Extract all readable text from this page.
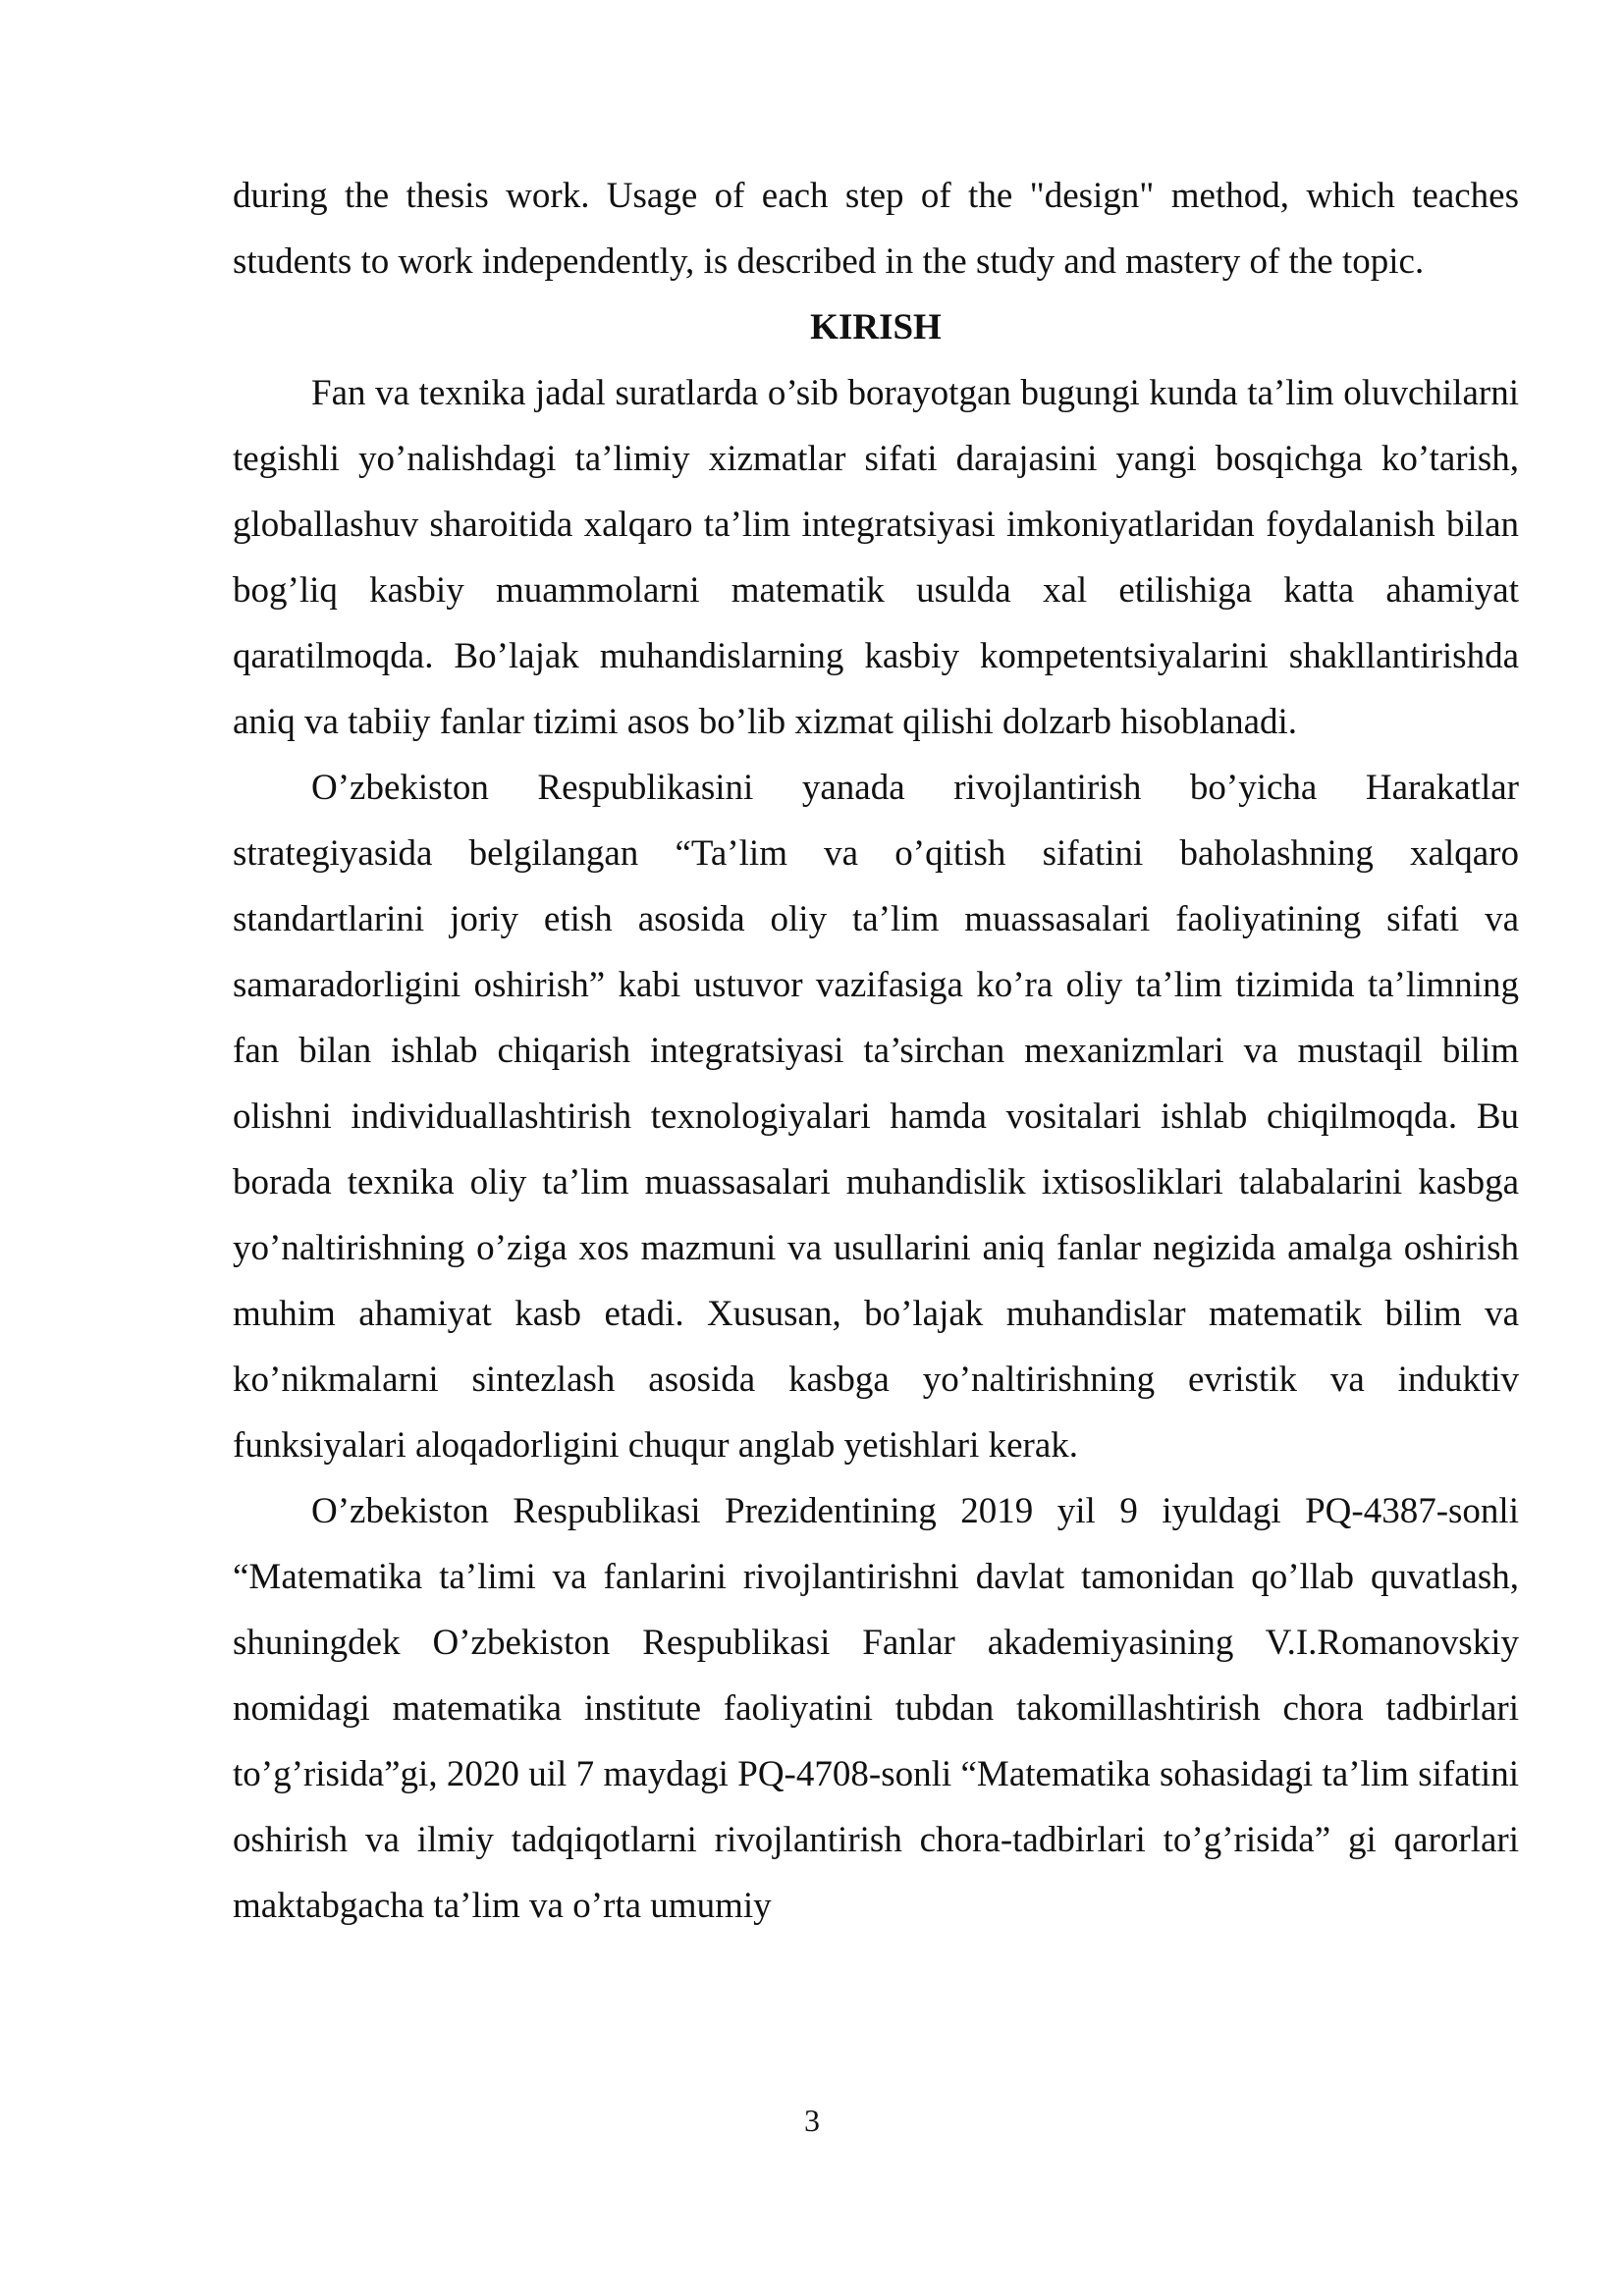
during the thesis work. Usage of each step of the "design" method, which teaches students to work independently, is described in the study and mastery of the topic.

KIRISH

Fan va texnika jadal suratlarda o’sib borayotgan bugungi kunda ta’lim oluvchilarni tegishli yo’nalishdagi ta’limiy xizmatlar sifati darajasini yangi bosqichga ko’tarish, globallashuv sharoitida xalqaro ta’lim integratsiyasi imkoniyatlaridan foydalanish bilan bog’liq kasbiy muammolarni matematik usulda xal etilishiga katta ahamiyat qaratilmoqda. Bo’lajak muhandislarning kasbiy kompetentsiyalarini shakllantirishda aniq va tabiiy fanlar tizimi asos bo’lib xizmat qilishi dolzarb hisoblanadi.

O’zbekiston Respublikasini yanada rivojlantirish bo’yicha Harakatlar strategiyasida belgilangan “Ta’lim va o’qitish sifatini baholashning xalqaro standartlarini joriy etish asosida oliy ta’lim muassasalari faoliyatining sifati va samaradorligini oshirish” kabi ustuvor vazifasiga ko’ra oliy ta’lim tizimida ta’limning fan bilan ishlab chiqarish integratsiyasi ta’sirchan mexanizmlari va mustaqil bilim olishni individuallashtirish texnologiyalari hamda vositalari ishlab chiqilmoqda. Bu borada texnika oliy ta’lim muassasalari muhandislik ixtisosliklari talabalarini kasbga yo’naltirishning o’ziga xos mazmuni va usullarini aniq fanlar negizida amalga oshirish muhim ahamiyat kasb etadi. Xususan, bo’lajak muhandislar matematik bilim va ko’nikmalarni sintezlash asosida kasbga yo’naltirishning evristik va induktiv funksiyalari aloqadorligini chuqur anglab yetishlari kerak.

O’zbekiston Respublikasi Prezidentining 2019 yil 9 iyuldagi PQ-4387-sonli “Matematika ta’limi va fanlarini rivojlantirishni davlat tamonidan qo’llab quvatlash, shuningdek O’zbekiston Respublikasi Fanlar akademiyasining V.I.Romanovskiy nomidagi matematika institute faoliyatini tubdan takomillashtirish chora tadbirlari to’g’risida”gi, 2020 uil 7 maydagi PQ-4708-sonli “Matematika sohasidagi ta’lim sifatini oshirish va ilmiy tadqiqotlarni rivojlantirish chora-tadbirlari to’g’risida” gi qarorlari maktabgacha ta’lim va o’rta umumiy

3
